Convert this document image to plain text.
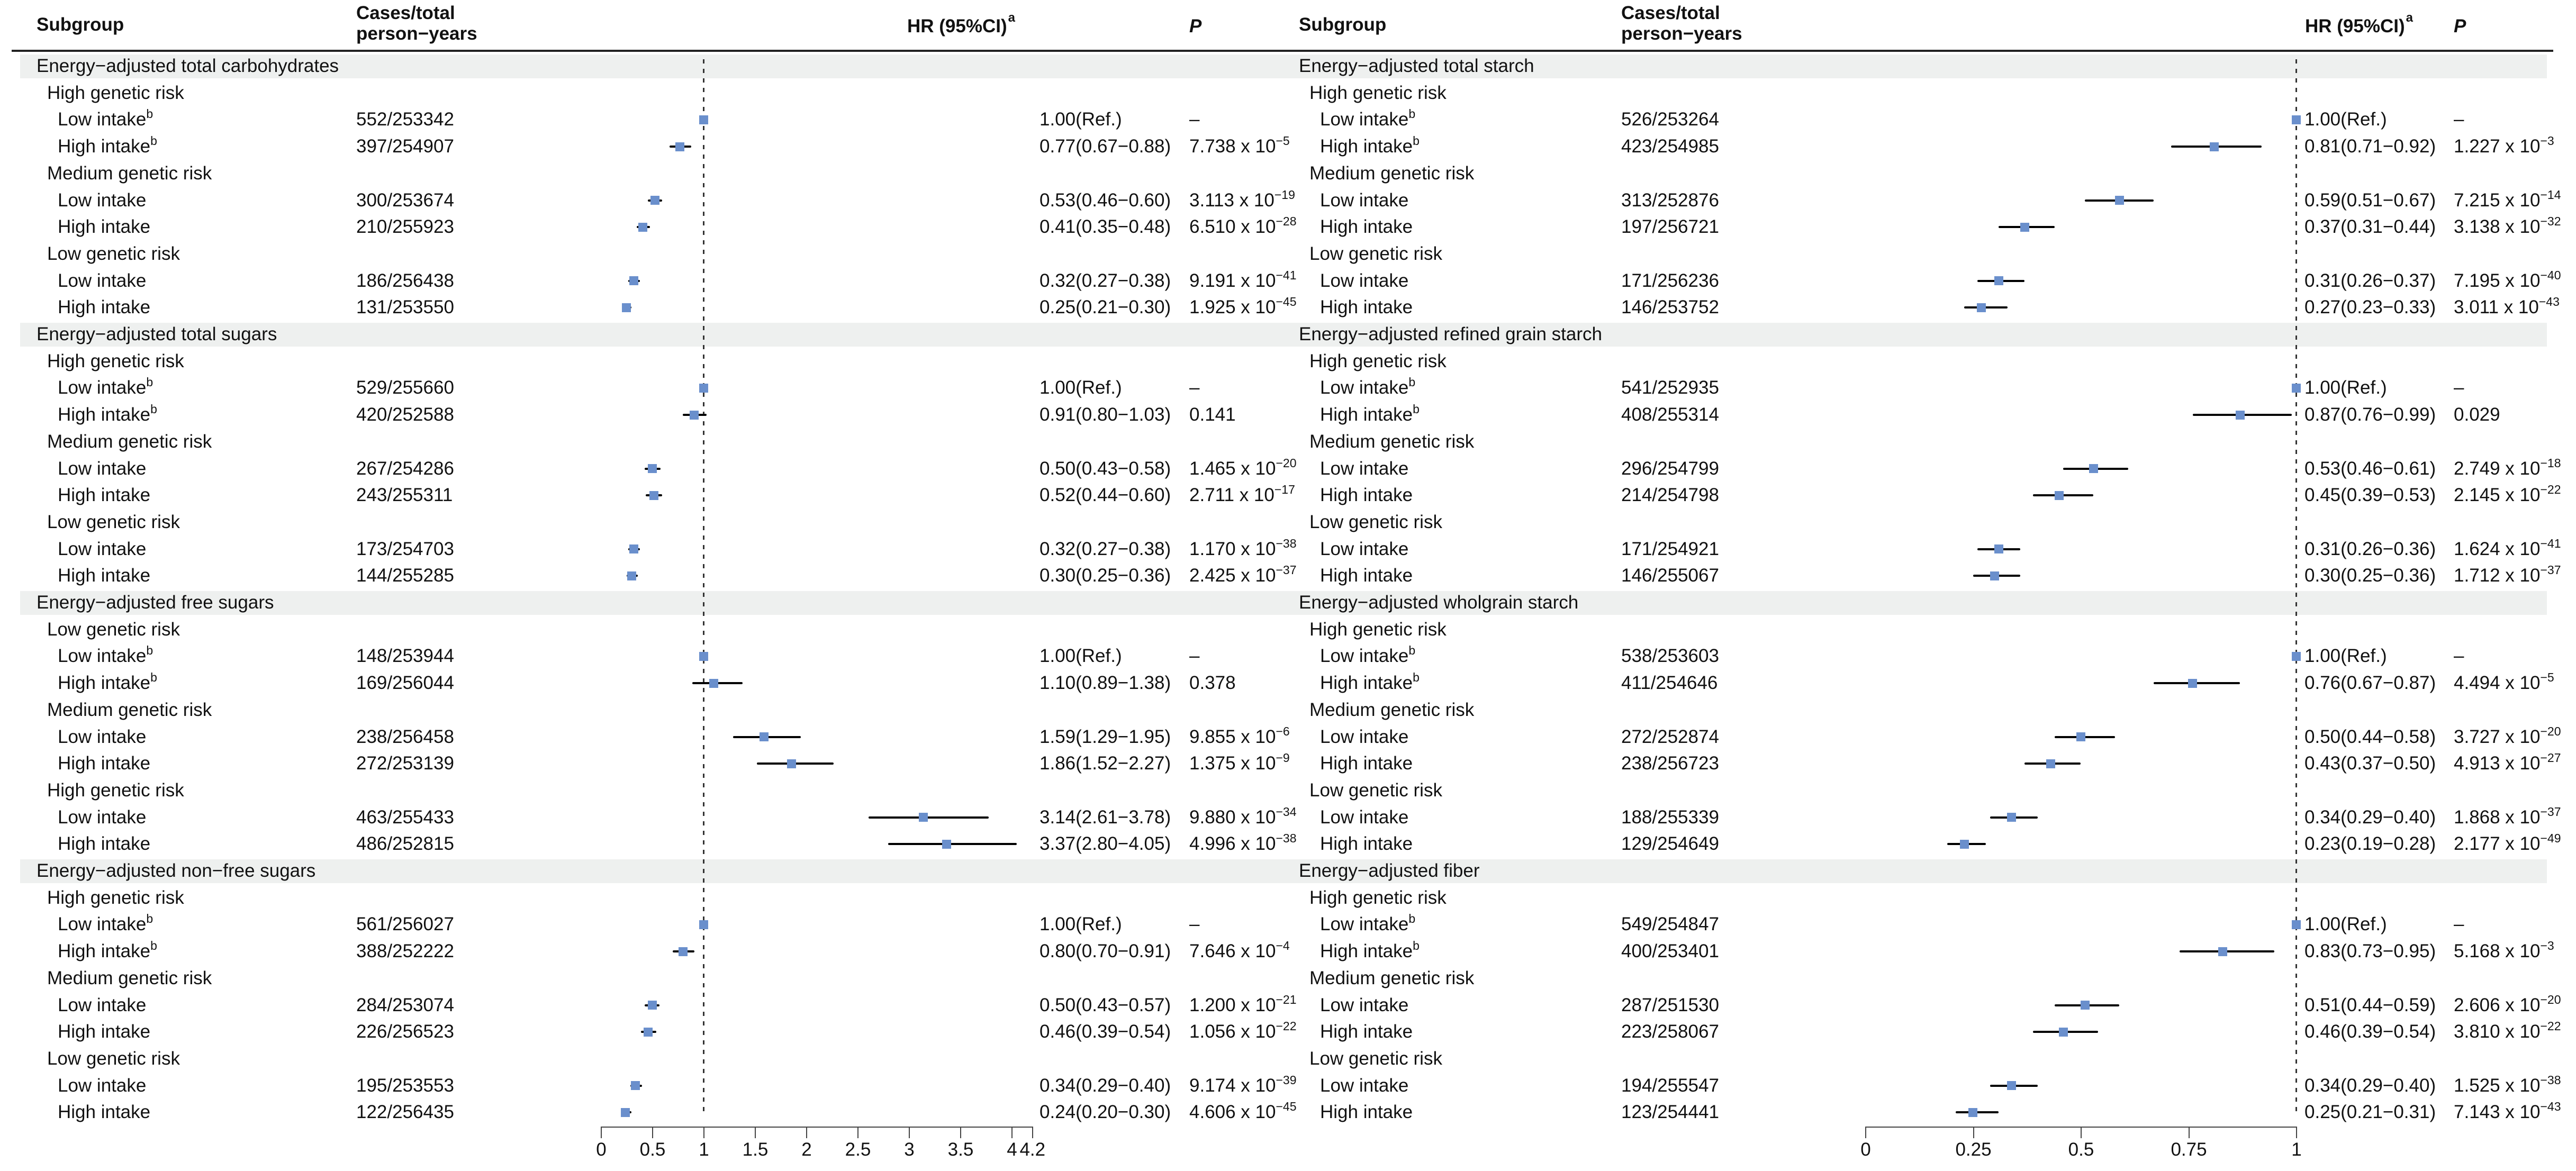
Subgroup
Cases/total
person−years	HR $(95\%CI)^a$	P	Subgroup
Cases/total
person−years	HR $(95\%CI)^a$ P
Energy−adjusted total carbohydrates
High genetic risk
Low intake$^b$	552/253342	1.00(Ref.)	–
High intake$^b$	397/254907	0.77(0.67−0.88) 7.738 x $10^{-5}$
Medium genetic risk
Low intake	300/253674	0.53(0.46−0.60) 3.113 x $10^{-19}$
High intake	210/255923	0.41(0.35−0.48) 6.510 x $10^{-28}$
Low genetic risk
Low intake	186/256438	0.32(0.27−0.38) 9.191 x $10^{-41}$
High intake	131/253550	0.25(0.21−0.30) 1.925 x $10^{-45}$
Energy−adjusted total sugars
High genetic risk
Low intake$^b$	529/255660	1.00(Ref.)	–
High intake$^b$	420/252588	0.91(0.80−1.03) 0.141
Medium genetic risk
Low intake	267/254286	0.50(0.43−0.58) 1.465 x $10^{-20}$
High intake	243/255311	0.52(0.44−0.60) 2.711 x $10^{-17}$
Low genetic risk
Low intake	173/254703	0.32(0.27−0.38) 1.170 x $10^{-38}$
High intake	144/255285	0.30(0.25−0.36) 2.425 x $10^{-37}$
Energy−adjusted free sugars
Low genetic risk
Low intake$^b$	148/253944	1.00(Ref.)	–
High intake$^b$	169/256044	1.10(0.89−1.38) 0.378
Medium genetic risk
Low intake	238/256458	1.59(1.29−1.95) 9.855 x $10^{-6}$
High intake	272/253139	1.86(1.52−2.27) 1.375 x $10^{-9}$
High genetic risk
Low intake	463/255433	3.14(2.61−3.78) 9.880 x $10^{-34}$
High intake	486/252815	3.37(2.80−4.05) 4.996 x $10^{-38}$
Energy−adjusted non−free sugars
High genetic risk
Low intake$^b$	561/256027	1.00(Ref.)	–
High intake$^b$	388/252222	0.80(0.70−0.91) 7.646 x $10^{-4}$
Medium genetic risk
Low intake	284/253074	0.50(0.43−0.57) 1.200 x $10^{-21}$
High intake	226/256523	0.46(0.39−0.54) 1.056 x $10^{-22}$
Low genetic risk
Low intake	195/253553	0.34(0.29−0.40) 9.174 x $10^{-39}$
High intake	122/256435	0.24(0.20−0.30) 4.606 x $10^{-45}$
0 0.5 1 1.5 2 2.5 3 3.5 4 4.2
Energy−adjusted total starch
High genetic risk
Low intake$^b$	526/253264	1.00(Ref.)	–
High intake$^b$	423/254985	0.81(0.71−0.92) 1.227 x $10^{-3}$
Medium genetic risk
Low intake	313/252876	0.59(0.51−0.67) 7.215 x $10^{-14}$
High intake	197/256721	0.37(0.31−0.44) 3.138 x $10^{-32}$
Low genetic risk
Low intake	171/256236	0.31(0.26−0.37) 7.195 x $10^{-40}$
High intake	146/253752	0.27(0.23−0.33) 3.011 x $10^{-43}$
Energy−adjusted refined grain starch
High genetic risk
Low intake$^b$	541/252935	1.00(Ref.)	–
High intake$^b$	408/255314	0.87(0.76−0.99) 0.029
Medium genetic risk
Low intake	296/254799	0.53(0.46−0.61) 2.749 x $10^{-18}$
High intake	214/254798	0.45(0.39−0.53) 2.145 x $10^{-22}$
Low genetic risk
Low intake	171/254921	0.31(0.26−0.36) 1.624 x $10^{-41}$
High intake	146/255067	0.30(0.25−0.36) 1.712 x $10^{-37}$
Energy−adjusted wholgrain starch
High genetic risk
Low intake$^b$	538/253603	1.00(Ref.)	–
High intake$^b$	411/254646	0.76(0.67−0.87) 4.494 x $10^{-5}$
Medium genetic risk
Low intake	272/252874	0.50(0.44−0.58) 3.727 x $10^{-20}$
High intake	238/256723	0.43(0.37−0.50) 4.913 x $10^{-27}$
Low genetic risk
Low intake	188/255339	0.34(0.29−0.40) 1.868 x $10^{-37}$
High intake	129/254649	0.23(0.19−0.28) 2.177 x $10^{-49}$
Energy−adjusted fiber
High genetic risk
Low intake$^b$	549/254847	1.00(Ref.)	–
High intake$^b$	400/253401	0.83(0.73−0.95) 5.168 x $10^{-3}$
Medium genetic risk
Low intake	287/251530	0.51(0.44−0.59) 2.606 x $10^{-20}$
High intake	223/258067	0.46(0.39−0.54) 3.810 x $10^{-22}$
Low genetic risk
Low intake	194/255547	0.34(0.29−0.40) 1.525 x $10^{-38}$
High intake	123/254441	0.25(0.21−0.31) 7.143 x $10^{-43}$
0	0.25	0.5	0.75	1
